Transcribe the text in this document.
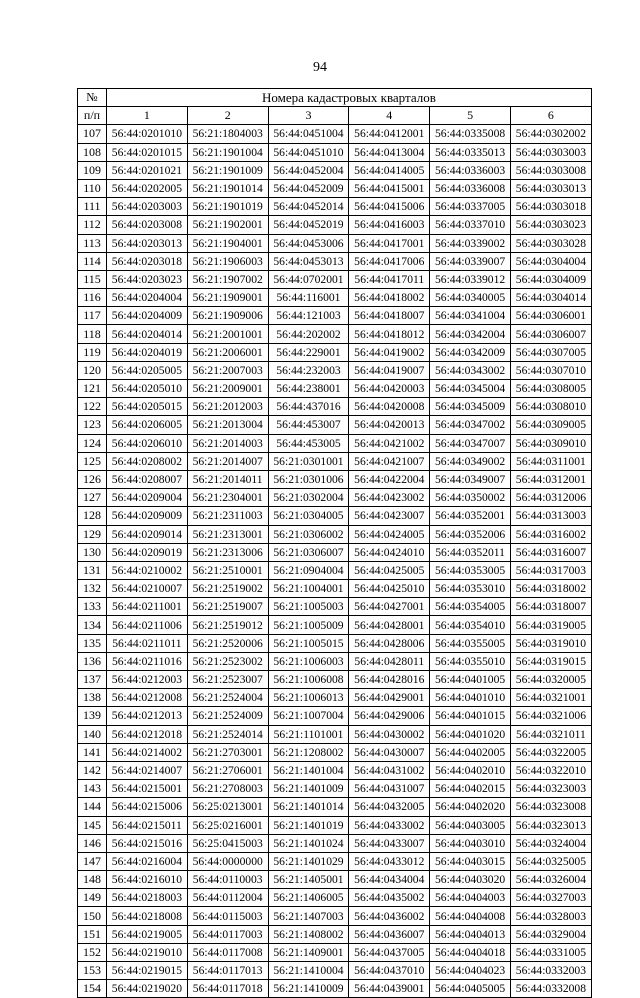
94
№	Номера кадастровых кварталов					
п/п	1	2	3	4	5	6
107	56:44:0201010	56:21:1804003	56:44:0451004	56:44:0412001	56:44:0335008	56:44:0302002
108	56:44:0201015	56:21:1901004	56:44:0451010	56:44:0413004	56:44:0335013	56:44:0303003
109	56:44:0201021	56:21:1901009	56:44:0452004	56:44:0414005	56:44:0336003	56:44:0303008
110	56:44:0202005	56:21:1901014	56:44:0452009	56:44:0415001	56:44:0336008	56:44:0303013
111	56:44:0203003	56:21:1901019	56:44:0452014	56:44:0415006	56:44:0337005	56:44:0303018
112	56:44:0203008	56:21:1902001	56:44:0452019	56:44:0416003	56:44:0337010	56:44:0303023
113	56:44:0203013	56:21:1904001	56:44:0453006	56:44:0417001	56:44:0339002	56:44:0303028
114	56:44:0203018	56:21:1906003	56:44:0453013	56:44:0417006	56:44:0339007	56:44:0304004
115	56:44:0203023	56:21:1907002	56:44:0702001	56:44:0417011	56:44:0339012	56:44:0304009
116	56:44:0204004	56:21:1909001	56:44:116001	56:44:0418002	56:44:0340005	56:44:0304014
117	56:44:0204009	56:21:1909006	56:44:121003	56:44:0418007	56:44:0341004	56:44:0306001
118	56:44:0204014	56:21:2001001	56:44:202002	56:44:0418012	56:44:0342004	56:44:0306007
119	56:44:0204019	56:21:2006001	56:44:229001	56:44:0419002	56:44:0342009	56:44:0307005
120	56:44:0205005	56:21:2007003	56:44:232003	56:44:0419007	56:44:0343002	56:44:0307010
121	56:44:0205010	56:21:2009001	56:44:238001	56:44:0420003	56:44:0345004	56:44:0308005
122	56:44:0205015	56:21:2012003	56:44:437016	56:44:0420008	56:44:0345009	56:44:0308010
123	56:44:0206005	56:21:2013004	56:44:453007	56:44:0420013	56:44:0347002	56:44:0309005
124	56:44:0206010	56:21:2014003	56:44:453005	56:44:0421002	56:44:0347007	56:44:0309010
125	56:44:0208002	56:21:2014007	56:21:0301001	56:44:0421007	56:44:0349002	56:44:0311001
126	56:44:0208007	56:21:2014011	56:21:0301006	56:44:0422004	56:44:0349007	56:44:0312001
127	56:44:0209004	56:21:2304001	56:21:0302004	56:44:0423002	56:44:0350002	56:44:0312006
128	56:44:0209009	56:21:2311003	56:21:0304005	56:44:0423007	56:44:0352001	56:44:0313003
129	56:44:0209014	56:21:2313001	56:21:0306002	56:44:0424005	56:44:0352006	56:44:0316002
130	56:44:0209019	56:21:2313006	56:21:0306007	56:44:0424010	56:44:0352011	56:44:0316007
131	56:44:0210002	56:21:2510001	56:21:0904004	56:44:0425005	56:44:0353005	56:44:0317003
132	56:44:0210007	56:21:2519002	56:21:1004001	56:44:0425010	56:44:0353010	56:44:0318002
133	56:44:0211001	56:21:2519007	56:21:1005003	56:44:0427001	56:44:0354005	56:44:0318007
134	56:44:0211006	56:21:2519012	56:21:1005009	56:44:0428001	56:44:0354010	56:44:0319005
135	56:44:0211011	56:21:2520006	56:21:1005015	56:44:0428006	56:44:0355005	56:44:0319010
136	56:44:0211016	56:21:2523002	56:21:1006003	56:44:0428011	56:44:0355010	56:44:0319015
137	56:44:0212003	56:21:2523007	56:21:1006008	56:44:0428016	56:44:0401005	56:44:0320005
138	56:44:0212008	56:21:2524004	56:21:1006013	56:44:0429001	56:44:0401010	56:44:0321001
139	56:44:0212013	56:21:2524009	56:21:1007004	56:44:0429006	56:44:0401015	56:44:0321006
140	56:44:0212018	56:21:2524014	56:21:1101001	56:44:0430002	56:44:0401020	56:44:0321011
141	56:44:0214002	56:21:2703001	56:21:1208002	56:44:0430007	56:44:0402005	56:44:0322005
142	56:44:0214007	56:21:2706001	56:21:1401004	56:44:0431002	56:44:0402010	56:44:0322010
143	56:44:0215001	56:21:2708003	56:21:1401009	56:44:0431007	56:44:0402015	56:44:0323003
144	56:44:0215006	56:25:0213001	56:21:1401014	56:44:0432005	56:44:0402020	56:44:0323008
145	56:44:0215011	56:25:0216001	56:21:1401019	56:44:0433002	56:44:0403005	56:44:0323013
146	56:44:0215016	56:25:0415003	56:21:1401024	56:44:0433007	56:44:0403010	56:44:0324004
147	56:44:0216004	56:44:0000000	56:21:1401029	56:44:0433012	56:44:0403015	56:44:0325005
148	56:44:0216010	56:44:0110003	56:21:1405001	56:44:0434004	56:44:0403020	56:44:0326004
149	56:44:0218003	56:44:0112004	56:21:1406005	56:44:0435002	56:44:0404003	56:44:0327003
150	56:44:0218008	56:44:0115003	56:21:1407003	56:44:0436002	56:44:0404008	56:44:0328003
151	56:44:0219005	56:44:0117003	56:21:1408002	56:44:0436007	56:44:0404013	56:44:0329004
152	56:44:0219010	56:44:0117008	56:21:1409001	56:44:0437005	56:44:0404018	56:44:0331005
153	56:44:0219015	56:44:0117013	56:21:1410004	56:44:0437010	56:44:0404023	56:44:0332003
154	56:44:0219020	56:44:0117018	56:21:1410009	56:44:0439001	56:44:0405005	56:44:0332008
